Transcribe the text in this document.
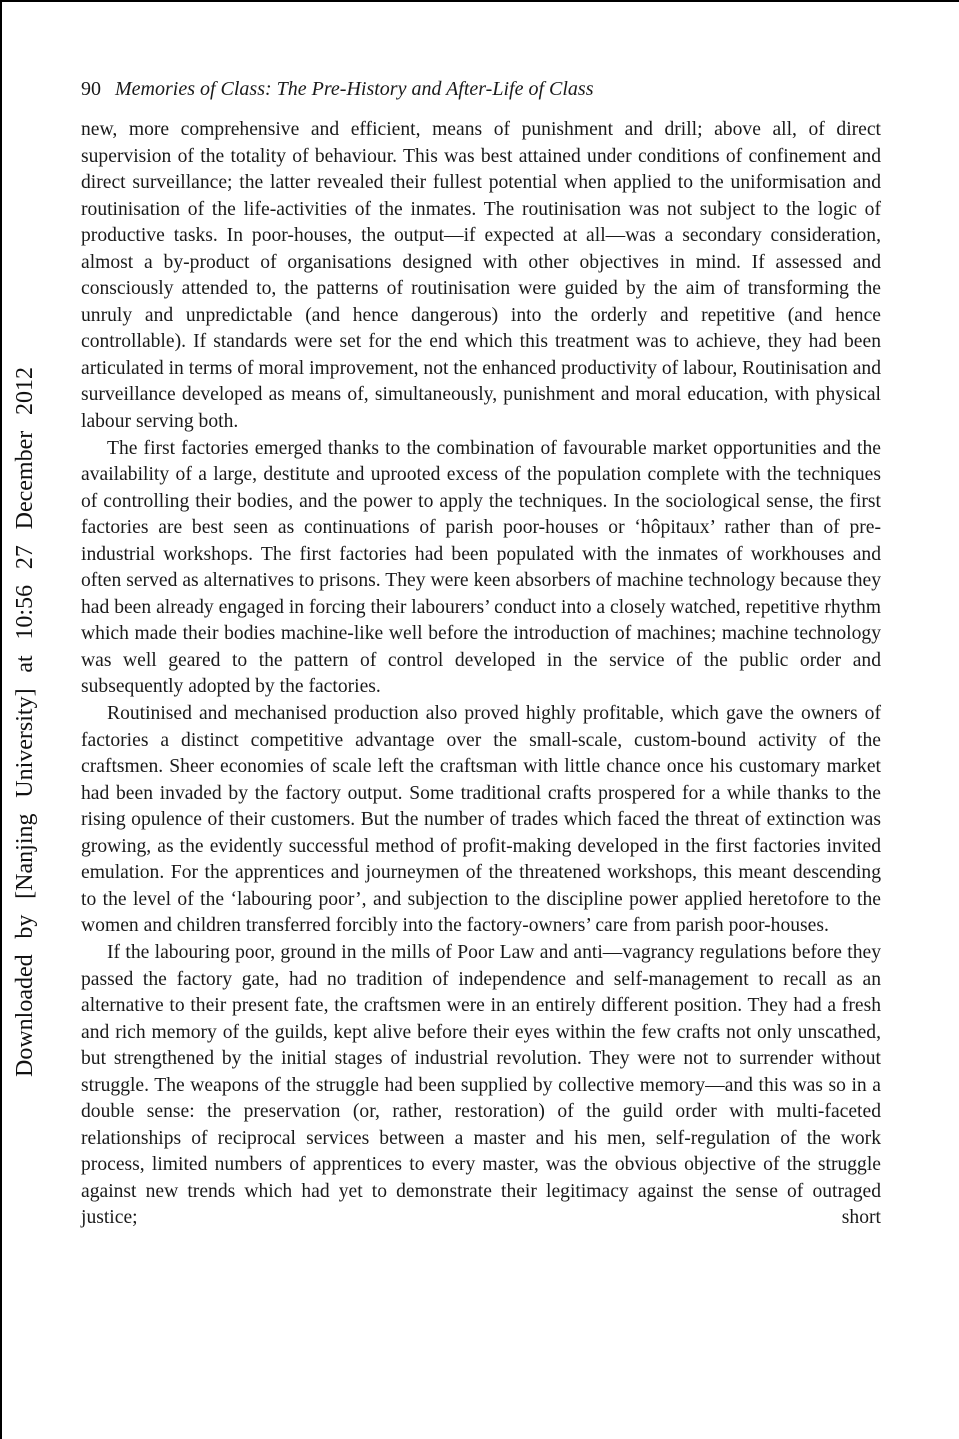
90 Memories of Class: The Pre-History and After-Life of Class
Downloaded by [Nanjing University] at 10:56 27 December 2012

new, more comprehensive and efficient, means of punishment and drill; above all, of direct supervision of the totality of behaviour. This was best attained under conditions of confinement and direct surveillance; the latter revealed their fullest potential when applied to the uniformisation and routinisation of the life-activities of the inmates. The routinisation was not subject to the logic of productive tasks. In poor-houses, the output—if expected at all—was a secondary consideration, almost a by-product of organisations designed with other objectives in mind. If assessed and consciously attended to, the patterns of routinisation were guided by the aim of transforming the unruly and unpredictable (and hence dangerous) into the orderly and repetitive (and hence controllable). If standards were set for the end which this treatment was to achieve, they had been articulated in terms of moral improvement, not the enhanced productivity of labour, Routinisation and surveillance developed as means of, simultaneously, punishment and moral education, with physical labour serving both.

The first factories emerged thanks to the combination of favourable market opportunities and the availability of a large, destitute and uprooted excess of the population complete with the techniques of controlling their bodies, and the power to apply the techniques. In the sociological sense, the first factories are best seen as continuations of parish poor-houses or ‘hôpitaux’ rather than of pre-industrial workshops. The first factories had been populated with the inmates of workhouses and often served as alternatives to prisons. They were keen absorbers of machine technology because they had been already engaged in forcing their labourers’ conduct into a closely watched, repetitive rhythm which made their bodies machine-like well before the introduction of machines; machine technology was well geared to the pattern of control developed in the service of the public order and subsequently adopted by the factories.

Routinised and mechanised production also proved highly profitable, which gave the owners of factories a distinct competitive advantage over the small-scale, custom-bound activity of the craftsmen. Sheer economies of scale left the craftsman with little chance once his customary market had been invaded by the factory output. Some traditional crafts prospered for a while thanks to the rising opulence of their customers. But the number of trades which faced the threat of extinction was growing, as the evidently successful method of profit-making developed in the first factories invited emulation. For the apprentices and journeymen of the threatened workshops, this meant descending to the level of the ‘labouring poor’, and subjection to the discipline power applied heretofore to the women and children transferred forcibly into the factory-owners’ care from parish poor-houses.

If the labouring poor, ground in the mills of Poor Law and anti—vagrancy regulations before they passed the factory gate, had no tradition of independence and self-management to recall as an alternative to their present fate, the craftsmen were in an entirely different position. They had a fresh and rich memory of the guilds, kept alive before their eyes within the few crafts not only unscathed, but strengthened by the initial stages of industrial revolution. They were not to surrender without struggle. The weapons of the struggle had been supplied by collective memory—and this was so in a double sense: the preservation (or, rather, restoration) of the guild order with multi-faceted relationships of reciprocal services between a master and his men, self-regulation of the work process, limited numbers of apprentices to every master, was the obvious objective of the struggle against new trends which had yet to demonstrate their legitimacy against the sense of outraged justice; short
